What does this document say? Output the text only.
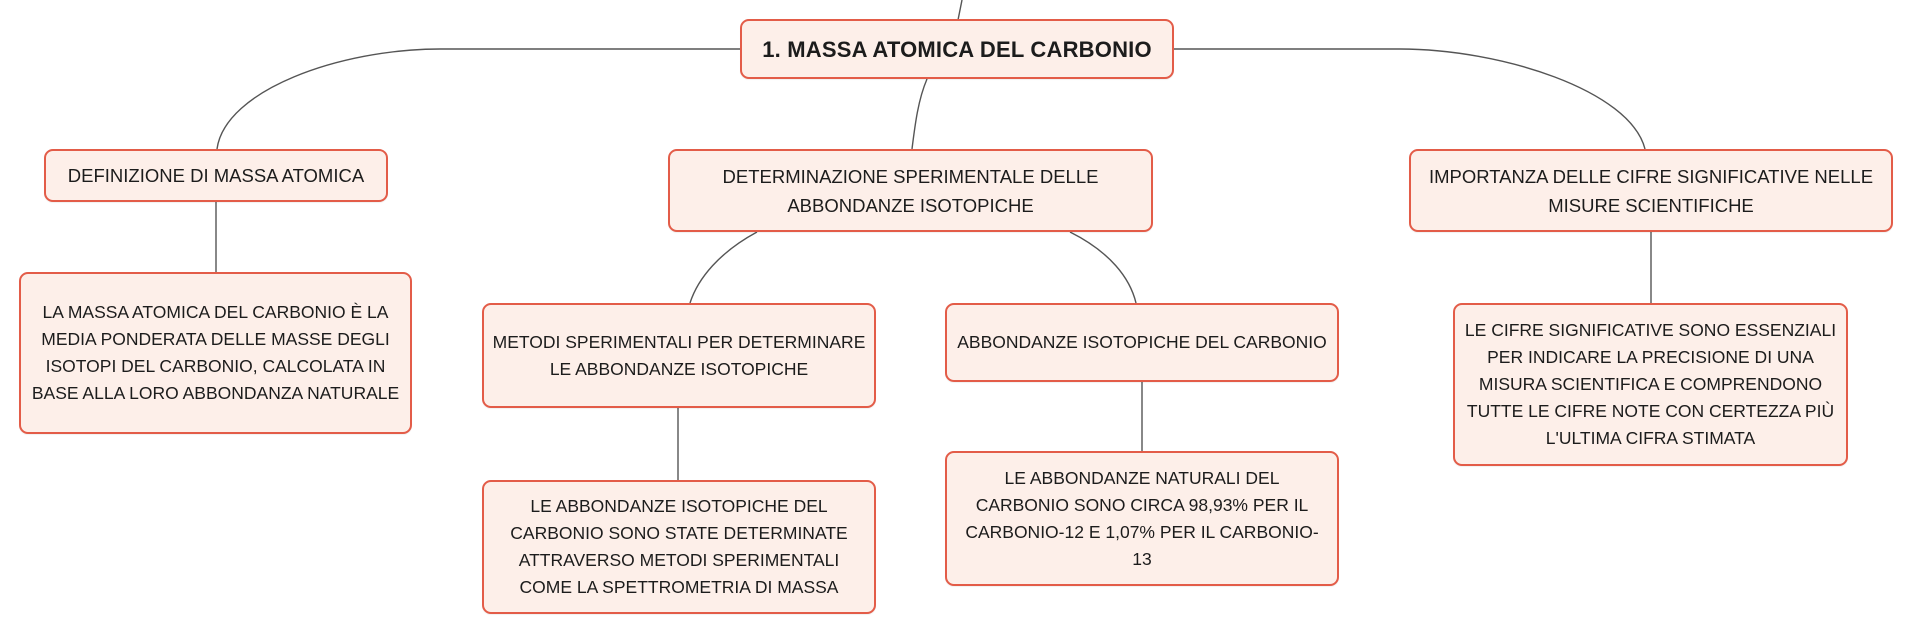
1. MASSA ATOMICA DEL CARBONIO
DEFINIZIONE DI MASSA ATOMICA	DETERMINAZIONE SPERIMENTALE DELLE ABBONDANZE ISOTOPICHE
IMPORTANZA DELLE CIFRE SIGNIFICATIVE NELLE MISURE SCIENTIFICHE
LA MASSA ATOMICA DEL CARBONIO È LA MEDIA PONDERATA DELLE MASSE DEGLI ISOTOPI DEL CARBONIO, CALCOLATA IN BASE ALLA LORO ABBONDANZA NATURALE
METODI SPERIMENTALI PER DETERMINARE LE ABBONDANZE ISOTOPICHE
ABBONDANZE ISOTOPICHE DEL CARBONIO
LE CIFRE SIGNIFICATIVE SONO ESSENZIALI PER INDICARE LA PRECISIONE DI UNA MISURA SCIENTIFICA E COMPRENDONO TUTTE LE CIFRE NOTE CON CERTEZZA PIÙ L'ULTIMA CIFRA STIMATA
LE ABBONDANZE ISOTOPICHE DEL CARBONIO SONO STATE DETERMINATE ATTRAVERSO METODI SPERIMENTALI COME LA SPETTROMETRIA DI MASSA
LE ABBONDANZE NATURALI DEL CARBONIO SONO CIRCA 98,93% PER IL CARBONIO-12 E 1,07% PER IL CARBONIO-13
